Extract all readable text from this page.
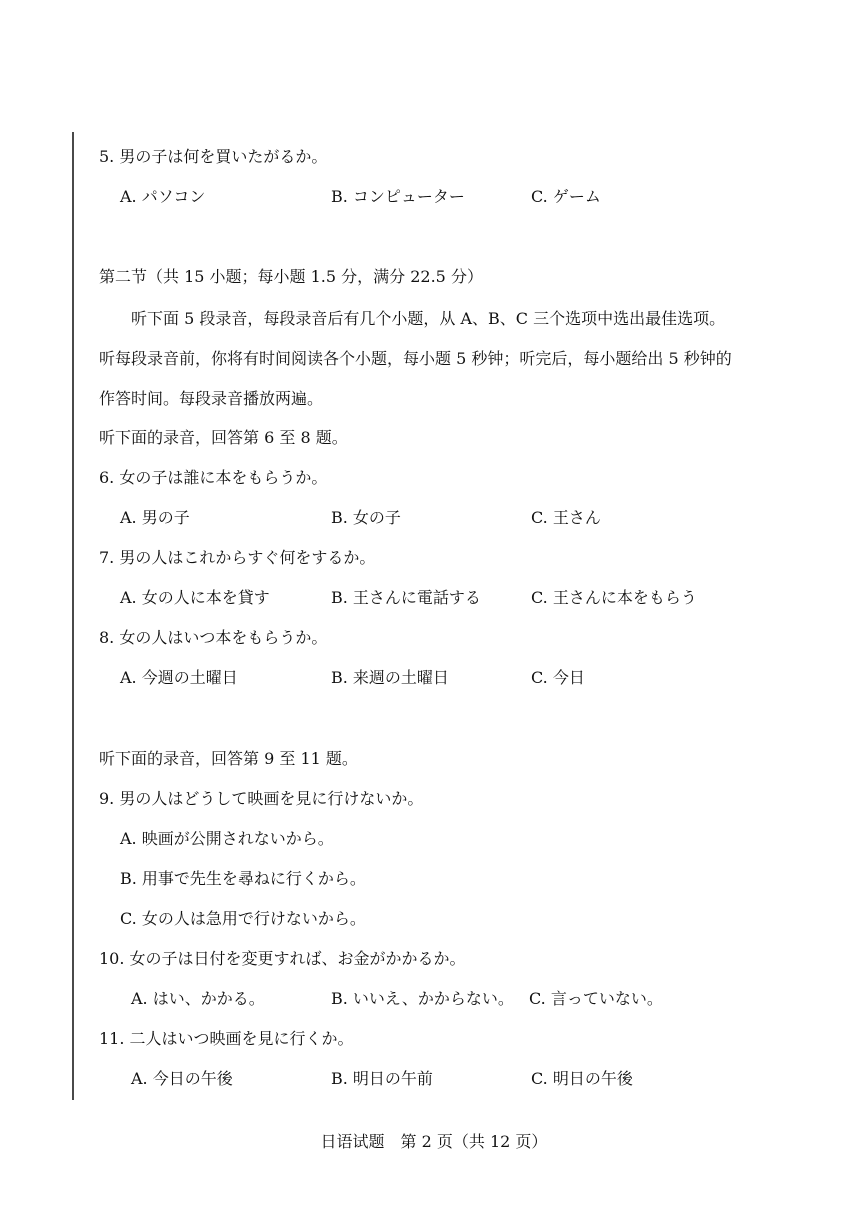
5. 男の子は何を買いたがるか。
A. パソコン	B. コンピューター	C. ゲーム
第二节（共 15 小题；每小题 1.5 分，满分 22.5 分）
听下面 5 段录音，每段录音后有几个小题，从 A、B、C 三个选项中选出最佳选项。
听每段录音前，你将有时间阅读各个小题，每小题 5 秒钟；听完后，每小题给出 5 秒钟的
作答时间。每段录音播放两遍。
听下面的录音，回答第 6 至 8 题。
6. 女の子は誰に本をもらうか。
A. 男の子	B. 女の子	C. 王さん
7. 男の人はこれからすぐ何をするか。
A. 女の人に本を貸す	B. 王さんに電話する	C. 王さんに本をもらう
8. 女の人はいつ本をもらうか。
A. 今週の土曜日	B. 来週の土曜日	C. 今日
听下面的录音，回答第 9 至 11 题。
9. 男の人はどうして映画を見に行けないか。
A. 映画が公開されないから。
B. 用事で先生を尋ねに行くから。
C. 女の人は急用で行けないから。
10. 女の子は日付を変更すれば、お金がかかるか。
A. はい、かかる。	B. いいえ、かからない。 C. 言っていない。
11. 二人はいつ映画を見に行くか。
A. 今日の午後	B. 明日の午前	C. 明日の午後
日语试题　第 2 页（共 12 页）
